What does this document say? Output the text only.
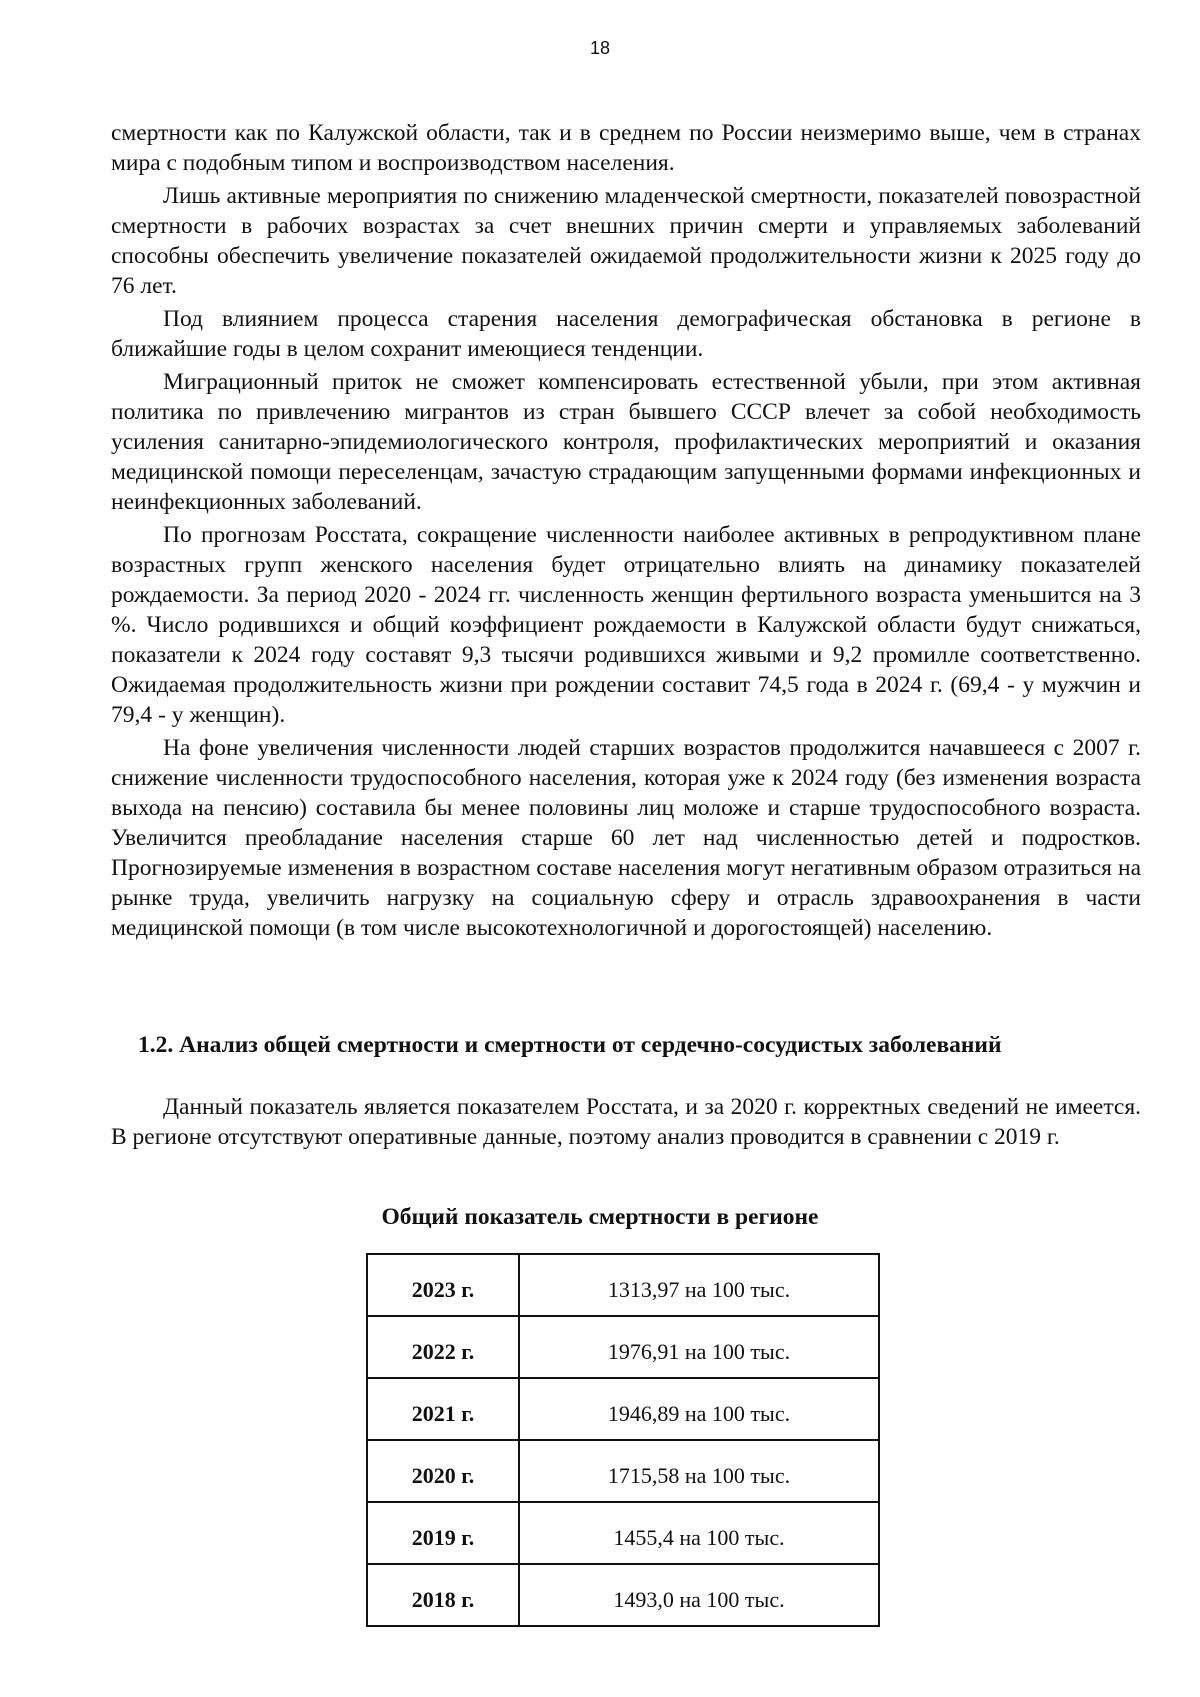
18

смертности как по Калужской области, так и в среднем по России неизмеримо выше, чем в странах мира с подобным типом и воспроизводством населения.

Лишь активные мероприятия по снижению младенческой смертности, показателей повозрастной смертности в рабочих возрастах за счет внешних причин смерти и управляемых заболеваний способны обеспечить увеличение показателей ожидаемой продолжительности жизни к 2025 году до 76 лет.

Под влиянием процесса старения населения демографическая обстановка в регионе в ближайшие годы в целом сохранит имеющиеся тенденции.

Миграционный приток не сможет компенсировать естественной убыли, при этом активная политика по привлечению мигрантов из стран бывшего СССР влечет за собой необходимость усиления санитарно-эпидемиологического контроля, профилактических мероприятий и оказания медицинской помощи переселенцам, зачастую страдающим запущенными формами инфекционных и неинфекционных заболеваний.

По прогнозам Росстата, сокращение численности наиболее активных в репродуктивном плане возрастных групп женского населения будет отрицательно влиять на динамику показателей рождаемости. За период 2020 - 2024 гг. численность женщин фертильного возраста уменьшится на 3 %. Число родившихся и общий коэффициент рождаемости в Калужской области будут снижаться, показатели к 2024 году составят 9,3 тысячи родившихся живыми и 9,2 промилле соответственно. Ожидаемая продолжительность жизни при рождении составит 74,5 года в 2024 г. (69,4 - у мужчин и 79,4 - у женщин).

На фоне увеличения численности людей старших возрастов продолжится начавшееся с 2007 г. снижение численности трудоспособного населения, которая уже к 2024 году (без изменения возраста выхода на пенсию) составила бы менее половины лиц моложе и старше трудоспособного возраста. Увеличится преобладание населения старше 60 лет над численностью детей и подростков. Прогнозируемые изменения в возрастном составе населения могут негативным образом отразиться на рынке труда, увеличить нагрузку на социальную сферу и отрасль здравоохранения в части медицинской помощи (в том числе высокотехнологичной и дорогостоящей) населению.

1.2. Анализ общей смертности и смертности от сердечно-сосудистых заболеваний

Данный показатель является показателем Росстата, и за 2020 г. корректных сведений не имеется. В регионе отсутствуют оперативные данные, поэтому анализ проводится в сравнении с 2019 г.

Общий показатель смертности в регионе
2023 г.	1313,97 на 100 тыс.
2022 г.	1976,91 на 100 тыс.
2021 г.	1946,89 на 100 тыс.
2020 г.	1715,58 на 100 тыс.
2019 г.	1455,4 на 100 тыс.
2018 г.	1493,0 на 100 тыс.
